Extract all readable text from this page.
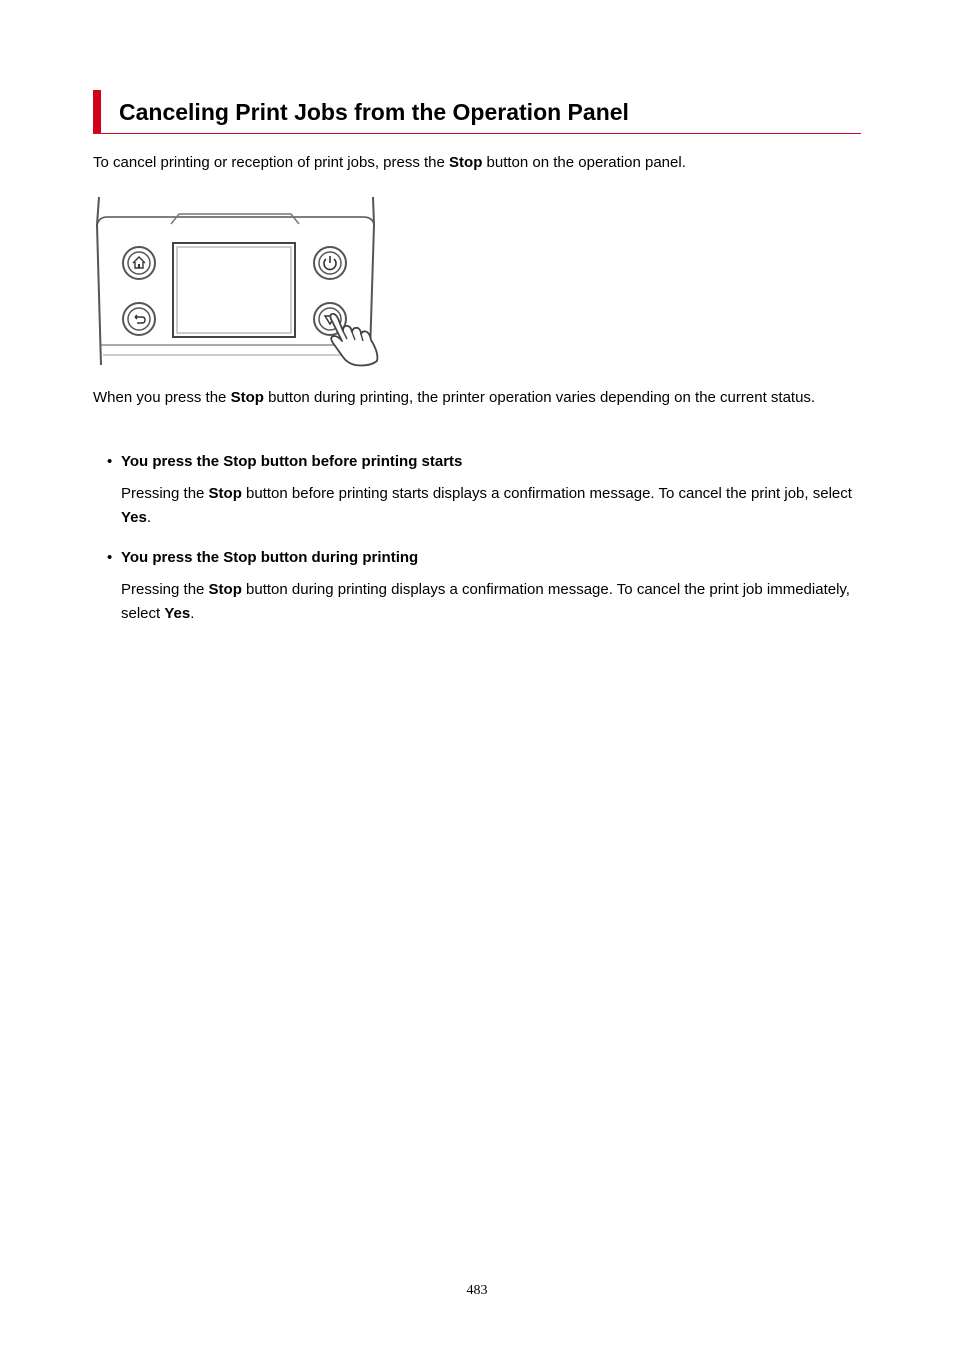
Canceling Print Jobs from the Operation Panel
To cancel printing or reception of print jobs, press the Stop button on the operation panel.
When you press the Stop button during printing, the printer operation varies depending on the current status.
• You press the Stop button before printing starts
Pressing the Stop button before printing starts displays a confirmation message. To cancel the print job, select Yes.
• You press the Stop button during printing
Pressing the Stop button during printing displays a confirmation message. To cancel the print job immediately, select Yes.
483
